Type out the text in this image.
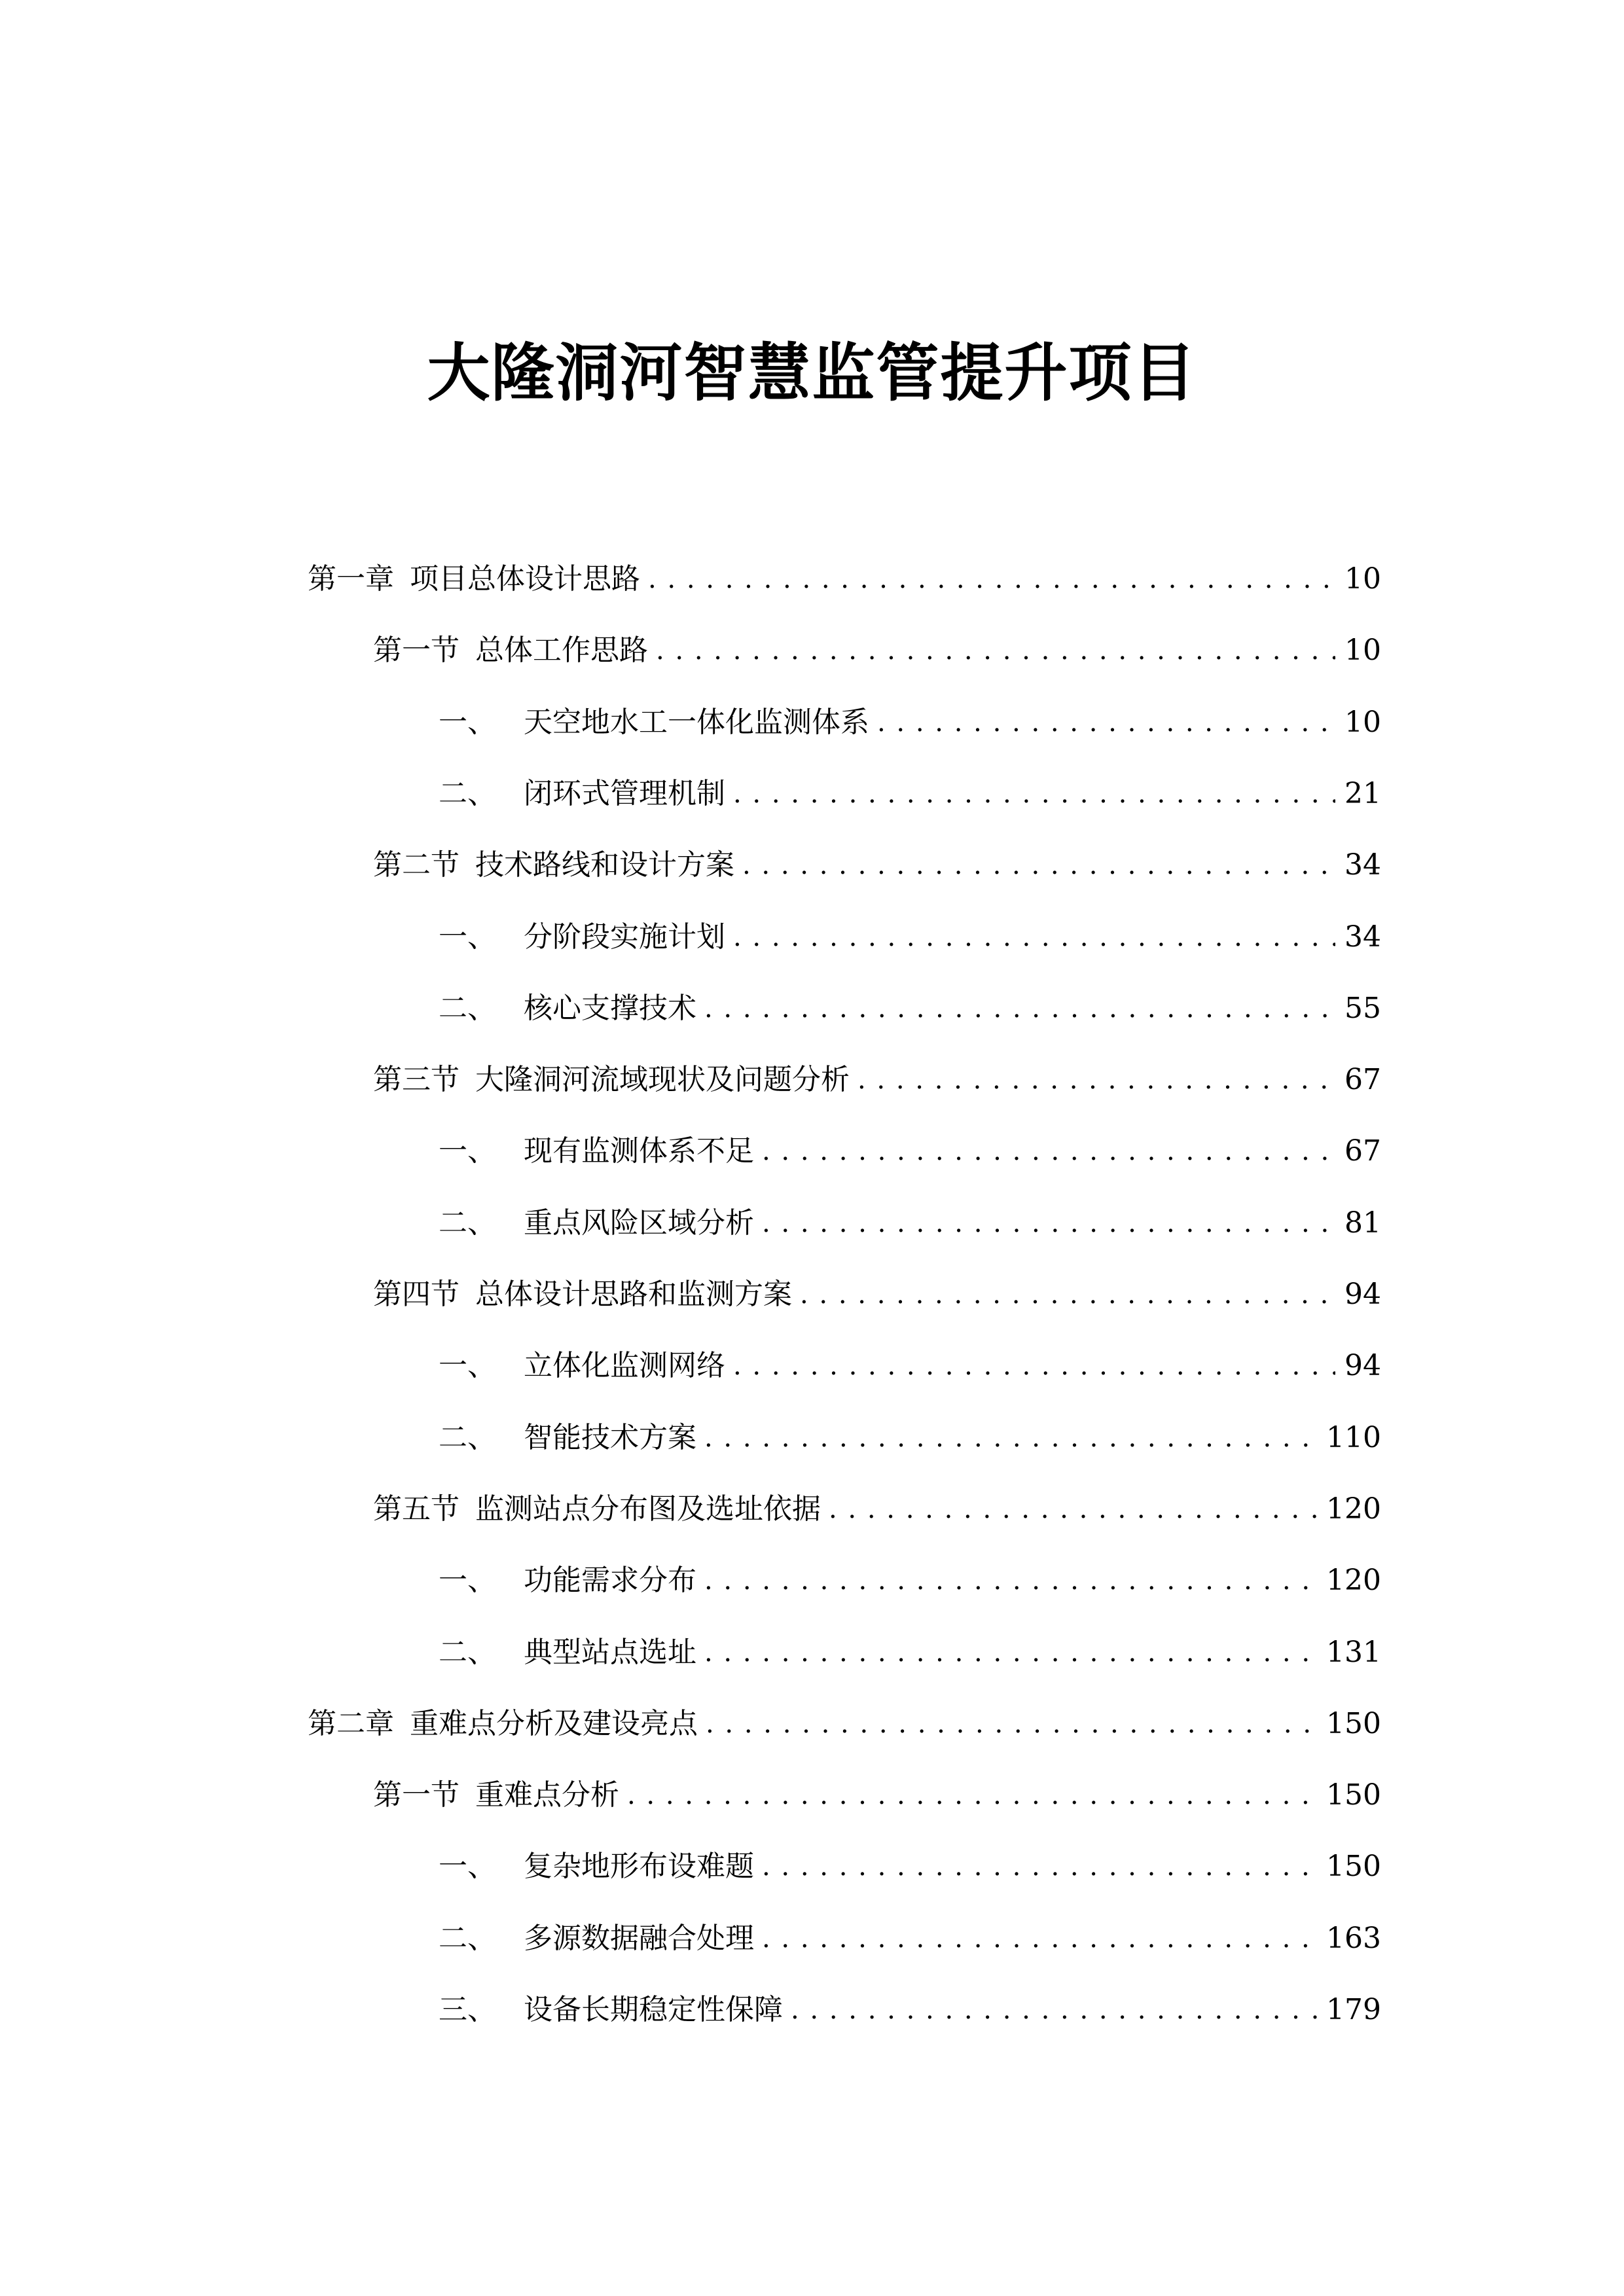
大隆洞河智慧监管提升项目
第一章 项目总体设计思路 . . .	10
第一节 总体工作思路 . . .	10
一、 天空地水工一体化监测体系 . . .	10
二、 闭环式管理机制 . . .	21
第二节 技术路线和设计方案 . . .	34
一、 分阶段实施计划 . . .	34
二、 核心支撑技术 . . .	55
第三节 大隆洞河流域现状及问题分析 . . .	67
一、 现有监测体系不足 . . .	67
二、 重点风险区域分析 . . .	81
第四节 总体设计思路和监测方案 . . .	94
一、 立体化监测网络 . . .	94
二、 智能技术方案 . . .	110
第五节 监测站点分布图及选址依据 . . .	120
一、 功能需求分布 . . .	120
二、 典型站点选址 . . .	131
第二章 重难点分析及建设亮点 . . .	150
第一节 重难点分析 . . .	150
一、 复杂地形布设难题 . . .	150
二、 多源数据融合处理 . . .	163
三、 设备长期稳定性保障 . . .	179
